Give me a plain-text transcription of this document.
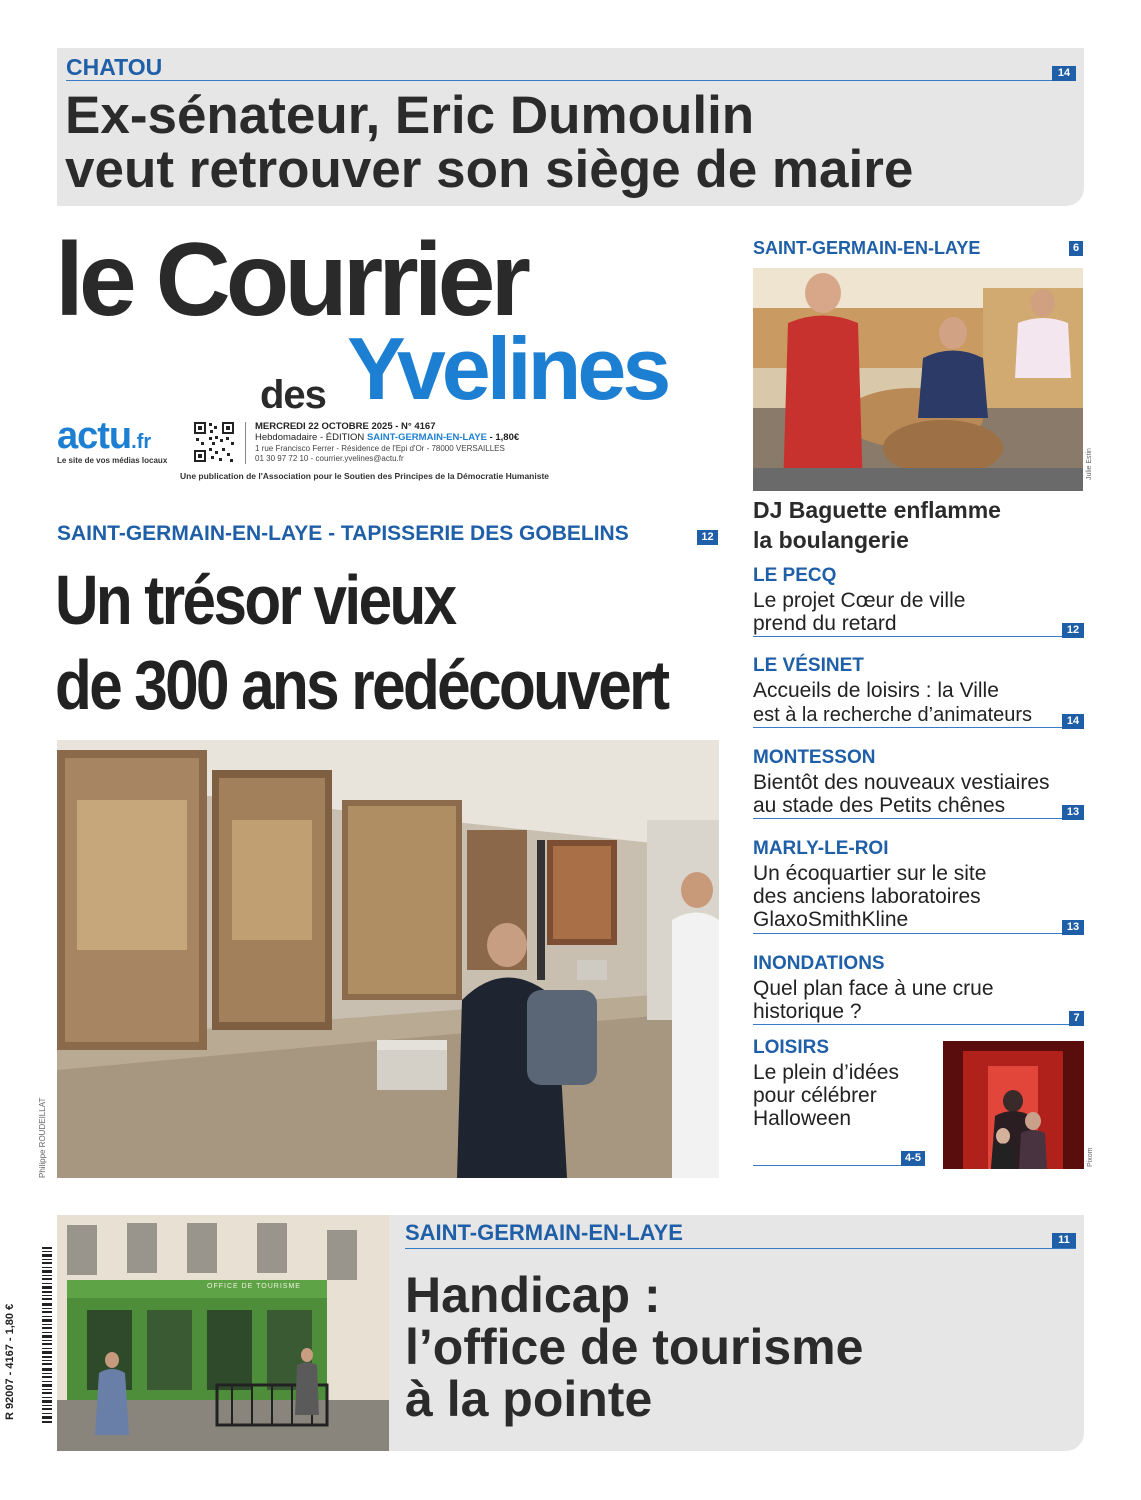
CHATOU	14
Ex-sénateur, Eric Dumoulin
veut retrouver son siège de maire
le Courrier
des Yvelines
actu.fr
Le site de vos médias locaux
MERCREDI 22 OCTOBRE 2025 - N° 4167
Hebdomadaire - ÉDITION SAINT-GERMAIN-EN-LAYE - 1,80€
1 rue Francisco Ferrer - Résidence de l'Epi d'Or - 78000 VERSAILLES
01 30 97 72 10 - courrier.yvelines@actu.fr
Une publication de l'Association pour le Soutien des Principes de la Démocratie Humaniste
SAINT-GERMAIN-EN-LAYE - TAPISSERIE DES GOBELINS	12
Un trésor vieux
de 300 ans redécouvert
Philippe ROUDEILLAT
SAINT-GERMAIN-EN-LAYE	6
Julie Estin
DJ Baguette enflamme
la boulangerie
LE PECQ
Le projet Cœur de ville
prend du retard	12
LE VÉSINET
Accueils de loisirs : la Ville
est à la recherche d’animateurs	14
MONTESSON
Bientôt des nouveaux vestiaires
au stade des Petits chênes	13
MARLY-LE-ROI
Un écoquartier sur le site
des anciens laboratoires
GlaxoSmithKline	13
INONDATIONS
Quel plan face à une crue
historique ?	7
LOISIRS
Le plein d’idées
pour célébrer
Halloween
4-5	Pixom
OFFICE DE TOURISME
SAINT-GERMAIN-EN-LAYE	11
Handicap :
l’office de tourisme
à la pointe
R 92007 - 4167 - 1,80 €
